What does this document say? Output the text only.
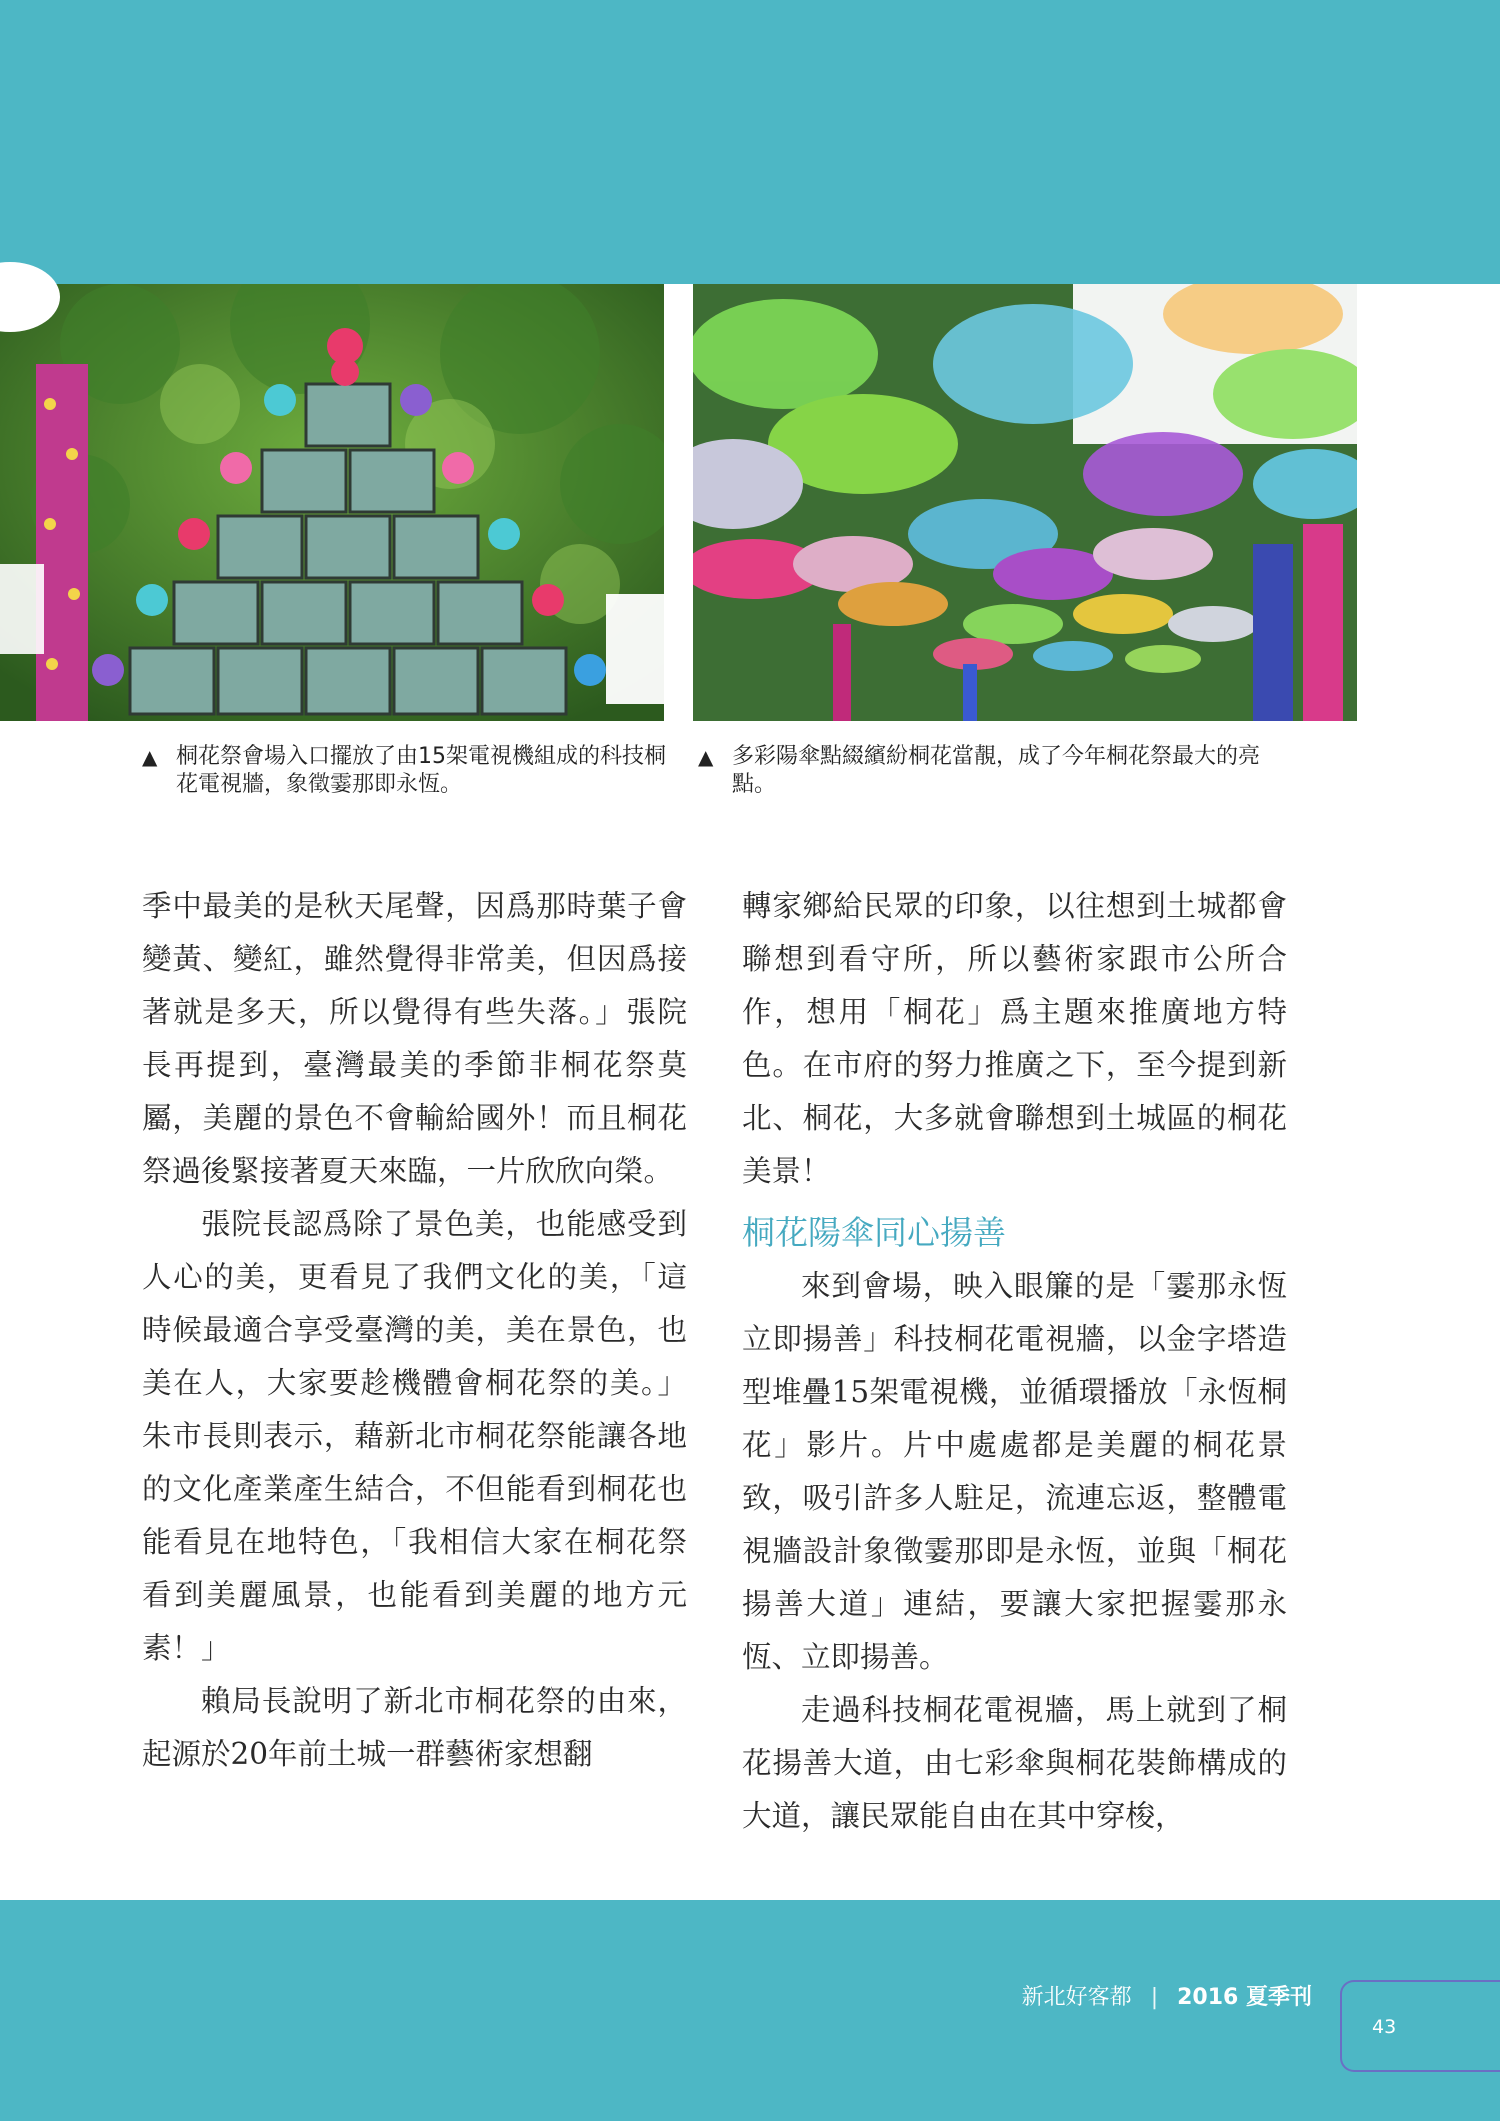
▲ 桐花祭會場入口擺放了由15架電視機組成的科技桐花電視牆，象徵霎那即永恆。
▲ 多彩陽傘點綴繽紛桐花當靚，成了今年桐花祭最大的亮點。

季中最美的是秋天尾聲，因爲那時葉子會變黃、變紅，雖然覺得非常美，但因爲接著就是多天，所以覺得有些失落。」張院長再提到，臺灣最美的季節非桐花祭莫屬，美麗的景色不會輸給國外！而且桐花祭過後緊接著夏天來臨，一片欣欣向榮。

張院長認爲除了景色美，也能感受到人心的美，更看見了我們文化的美，「這時候最適合享受臺灣的美，美在景色，也美在人，大家要趁機體會桐花祭的美。」朱市長則表示，藉新北市桐花祭能讓各地的文化產業產生結合，不但能看到桐花也能看見在地特色，「我相信大家在桐花祭看到美麗風景，也能看到美麗的地方元素！」

賴局長說明了新北市桐花祭的由來，起源於20年前土城一群藝術家想翻

轉家鄉給民眾的印象，以往想到土城都會聯想到看守所，所以藝術家跟市公所合作，想用「桐花」爲主題來推廣地方特色。在市府的努力推廣之下，至今提到新北、桐花，大多就會聯想到土城區的桐花美景！

桐花陽傘同心揚善

來到會場，映入眼簾的是「霎那永恆立即揚善」科技桐花電視牆，以金字塔造型堆疊15架電視機，並循環播放「永恆桐花」影片。片中處處都是美麗的桐花景致，吸引許多人駐足，流連忘返，整體電視牆設計象徵霎那即是永恆，並與「桐花揚善大道」連結，要讓大家把握霎那永恆、立即揚善。

走過科技桐花電視牆，馬上就到了桐花揚善大道，由七彩傘與桐花裝飾構成的大道，讓民眾能自由在其中穿梭，

新北好客都 | 2016 夏季刊
43
